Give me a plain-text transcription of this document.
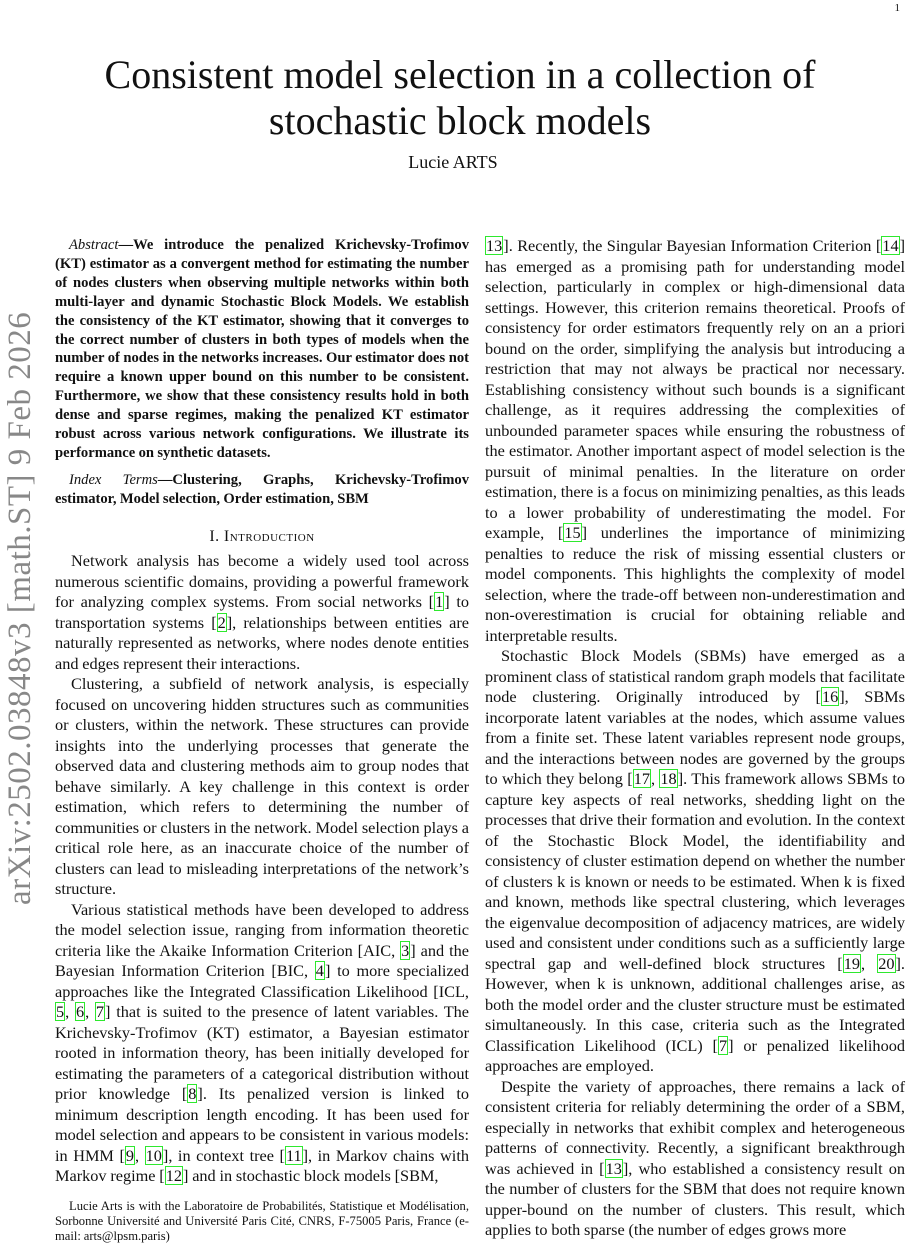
1
arXiv:2502.03848v3 [math.ST] 9 Feb 2026
Consistent model selection in a collection of stochastic block models
Lucie ARTS

Abstract—We introduce the penalized Krichevsky-Trofimov (KT) estimator as a convergent method for estimating the number of nodes clusters when observing multiple networks within both multi-layer and dynamic Stochastic Block Models. We establish the consistency of the KT estimator, showing that it converges to the correct number of clusters in both types of models when the number of nodes in the networks increases. Our estimator does not require a known upper bound on this number to be consistent. Furthermore, we show that these consistency results hold in both dense and sparse regimes, making the penalized KT estimator robust across various network configurations. We illustrate its performance on synthetic datasets.

Index Terms—Clustering, Graphs, Krichevsky-Trofimov estimator, Model selection, Order estimation, SBM

I. Introduction

Network analysis has become a widely used tool across numerous scientific domains, providing a powerful framework for analyzing complex systems. From social networks [1] to transportation systems [2], relationships between entities are naturally represented as networks, where nodes denote entities and edges represent their interactions.

Clustering, a subfield of network analysis, is especially focused on uncovering hidden structures such as communities or clusters, within the network. These structures can provide insights into the underlying processes that generate the observed data and clustering methods aim to group nodes that behave similarly. A key challenge in this context is order estimation, which refers to determining the number of communities or clusters in the network. Model selection plays a critical role here, as an inaccurate choice of the number of clusters can lead to misleading interpretations of the network’s structure.

Various statistical methods have been developed to address the model selection issue, ranging from information theoretic criteria like the Akaike Information Criterion [AIC, 3] and the Bayesian Information Criterion [BIC, 4] to more specialized approaches like the Integrated Classification Likelihood [ICL, 5, 6, 7] that is suited to the presence of latent variables. The Krichevsky-Trofimov (KT) estimator, a Bayesian estimator rooted in information theory, has been initially developed for estimating the parameters of a categorical distribution without prior knowledge [8]. Its penalized version is linked to minimum description length encoding. It has been used for model selection and appears to be consistent in various models: in HMM [9, 10], in context tree [11], in Markov chains with Markov regime [12] and in stochastic block models [SBM,

Lucie Arts is with the Laboratoire de Probabilités, Statistique et Modélisation, Sorbonne Université and Université Paris Cité, CNRS, F-75005 Paris, France (e-mail: arts@lpsm.paris)

13]. Recently, the Singular Bayesian Information Criterion [14] has emerged as a promising path for understanding model selection, particularly in complex or high-dimensional data settings. However, this criterion remains theoretical. Proofs of consistency for order estimators frequently rely on an a priori bound on the order, simplifying the analysis but introducing a restriction that may not always be practical nor necessary. Establishing consistency without such bounds is a significant challenge, as it requires addressing the complexities of unbounded parameter spaces while ensuring the robustness of the estimator. Another important aspect of model selection is the pursuit of minimal penalties. In the literature on order estimation, there is a focus on minimizing penalties, as this leads to a lower probability of underestimating the model. For example, [15] underlines the importance of minimizing penalties to reduce the risk of missing essential clusters or model components. This highlights the complexity of model selection, where the trade-off between non-underestimation and non-overestimation is crucial for obtaining reliable and interpretable results.

Stochastic Block Models (SBMs) have emerged as a prominent class of statistical random graph models that facilitate node clustering. Originally introduced by [16], SBMs incorporate latent variables at the nodes, which assume values from a finite set. These latent variables represent node groups, and the interactions between nodes are governed by the groups to which they belong [17, 18]. This framework allows SBMs to capture key aspects of real networks, shedding light on the processes that drive their formation and evolution. In the context of the Stochastic Block Model, the identifiability and consistency of cluster estimation depend on whether the number of clusters k is known or needs to be estimated. When k is fixed and known, methods like spectral clustering, which leverages the eigenvalue decomposition of adjacency matrices, are widely used and consistent under conditions such as a sufficiently large spectral gap and well-defined block structures [19, 20]. However, when k is unknown, additional challenges arise, as both the model order and the cluster structure must be estimated simultaneously. In this case, criteria such as the Integrated Classification Likelihood (ICL) [7] or penalized likelihood approaches are employed.

Despite the variety of approaches, there remains a lack of consistent criteria for reliably determining the order of a SBM, especially in networks that exhibit complex and heterogeneous patterns of connectivity. Recently, a significant breakthrough was achieved in [13], who established a consistency result on the number of clusters for the SBM that does not require known upper-bound on the number of clusters. This result, which applies to both sparse (the number of edges grows more
